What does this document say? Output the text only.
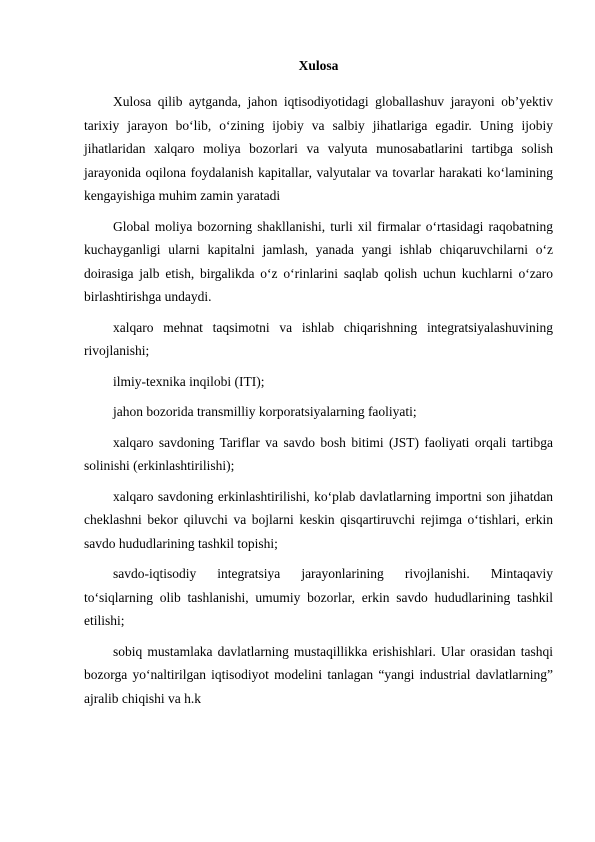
Xulosa

Xulosa qilib aytganda, jahon iqtisodiyotidagi globallashuv jarayoni ob’yektiv tarixiy jarayon bo‘lib, o‘zining ijobiy va salbiy jihatlariga egadir. Uning ijobiy jihatlaridan xalqaro moliya bozorlari va valyuta munosabatlarini tartibga solish jarayonida oqilona foydalanish kapitallar, valyutalar va tovarlar harakati ko‘lamining kengayishiga muhim zamin yaratadi

Global moliya bozorning shakllanishi, turli xil firmalar o‘rtasidagi raqobatning kuchayganligi ularni kapitalni jamlash, yanada yangi ishlab chiqaruvchilarni o‘z doirasiga jalb etish, birgalikda o‘z o‘rinlarini saqlab qolish uchun kuchlarni o‘zaro birlashtirishga undaydi.

xalqaro mehnat taqsimotni va ishlab chiqarishning integratsiyalashuvining rivojlanishi;

ilmiy-texnika inqilobi (ITI);

jahon bozorida transmilliy korporatsiyalarning faoliyati;

xalqaro savdoning Tariflar va savdo bosh bitimi (JST) faoliyati orqali tartibga solinishi (erkinlashtirilishi);

xalqaro savdoning erkinlashtirilishi, ko‘plab davlatlarning importni son jihatdan cheklashni bekor qiluvchi va bojlarni keskin qisqartiruvchi rejimga o‘tishlari, erkin savdo hududlarining tashkil topishi;

savdo-iqtisodiy integratsiya jarayonlarining rivojlanishi. Mintaqaviy to‘siqlarning olib tashlanishi, umumiy bozorlar, erkin savdo hududlarining tashkil etilishi;

sobiq mustamlaka davlatlarning mustaqillikka erishishlari. Ular orasidan tashqi bozorga yo‘naltirilgan iqtisodiyot modelini tanlagan “yangi industrial davlatlarning” ajralib chiqishi va h.k
